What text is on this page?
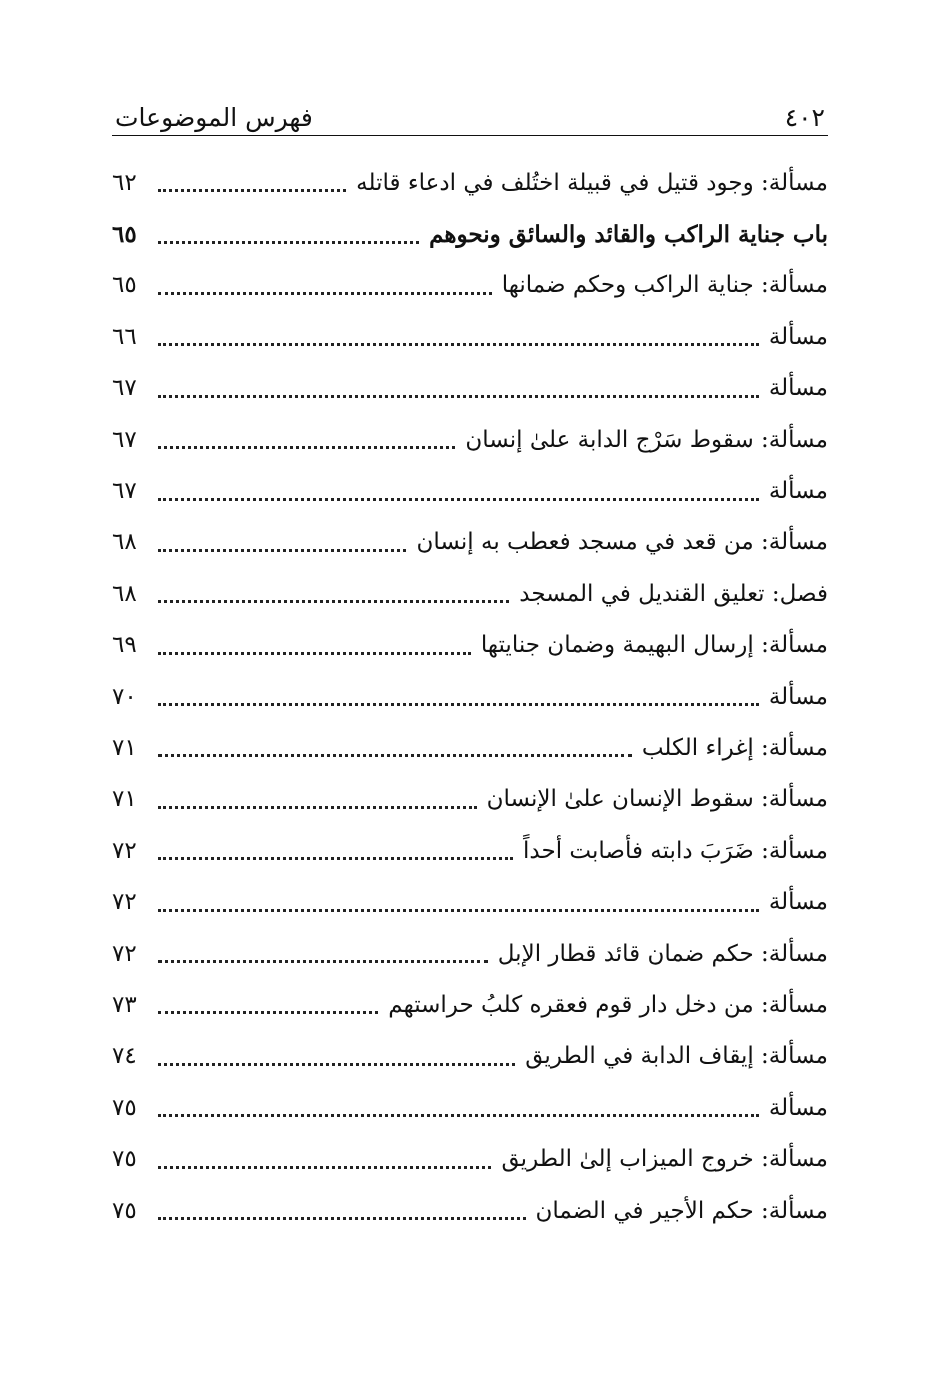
٤٠٢
فهرس الموضوعات
مسألة: وجود قتيل في قبيلة اختُلف في ادعاء قاتله
٦٢
باب جناية الراكب والقائد والسائق ونحوهم
٦٥
مسألة: جناية الراكب وحكم ضمانها
٦٥
مسألة
٦٦
مسألة
٦٧
مسألة: سقوط سَرْج الدابة علىٰ إنسان
٦٧
مسألة
٦٧
مسألة: من قعد في مسجد فعطب به إنسان
٦٨
فصل: تعليق القنديل في المسجد
٦٨
مسألة: إرسال البهيمة وضمان جنايتها
٦٩
مسألة
٧٠
مسألة: إغراء الكلب
٧١
مسألة: سقوط الإنسان علىٰ الإنسان
٧١
مسألة: ضَرَبَ دابته فأصابت أحداً
٧٢
مسألة
٧٢
مسألة: حكم ضمان قائد قطار الإبل
٧٢
مسألة: من دخل دار قوم فعقره كلبُ حراستهم
٧٣
مسألة: إيقاف الدابة في الطريق
٧٤
مسألة
٧٥
مسألة: خروج الميزاب إلىٰ الطريق
٧٥
مسألة: حكم الأجير في الضمان
٧٥
